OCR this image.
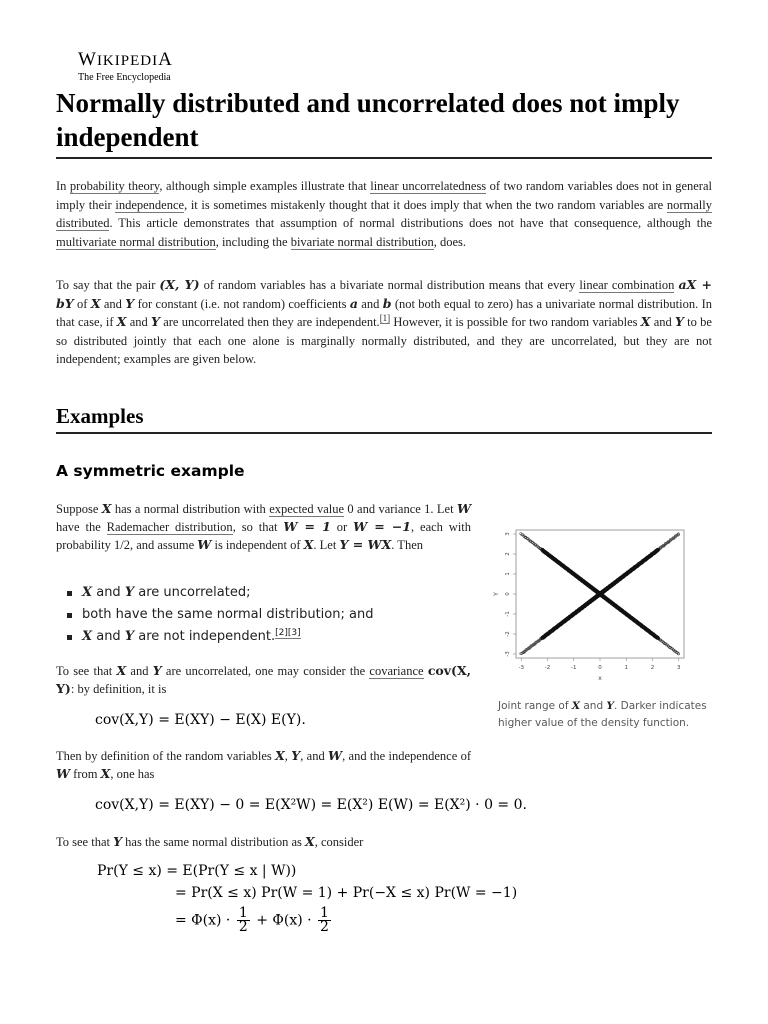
WIKIPEDIA
The Free Encyclopedia
Normally distributed and uncorrelated does not imply independent
In probability theory, although simple examples illustrate that linear uncorrelatedness of two random variables does not in general imply their independence, it is sometimes mistakenly thought that it does imply that when the two random variables are normally distributed. This article demonstrates that assumption of normal distributions does not have that consequence, although the multivariate normal distribution, including the bivariate normal distribution, does.
To say that the pair (X, Y) of random variables has a bivariate normal distribution means that every linear combination aX + bY of X and Y for constant (i.e. not random) coefficients a and b (not both equal to zero) has a univariate normal distribution. In that case, if X and Y are uncorrelated then they are independent.[1] However, it is possible for two random variables X and Y to be so distributed jointly that each one alone is marginally normally distributed, and they are uncorrelated, but they are not independent; examples are given below.
Examples
A symmetric example
Suppose X has a normal distribution with expected value 0 and variance 1. Let W have the Rademacher distribution, so that W = 1 or W = −1, each with probability 1/2, and assume W is independent of X. Let Y = WX. Then
X and Y are uncorrelated;
both have the same normal distribution; and
X and Y are not independent.[2][3]
To see that X and Y are uncorrelated, one may consider the covariance cov(X, Y): by definition, it is
cov(X,Y) = E(XY) − E(X) E(Y).
Then by definition of the random variables X, Y, and W, and the independence of W from X, one has
cov(X,Y) = E(XY) − 0 = E(X²W) = E(X²) E(W) = E(X²) · 0 = 0.
To see that Y has the same normal distribution as X, consider
Pr(Y ≤ x) = E(Pr(Y ≤ x | W))
= Pr(X ≤ x) Pr(W = 1) + Pr(−X ≤ x) Pr(W = −1)
= $\Phi(x) \cdot \frac{1}{2} + \Phi(x) \cdot \frac{1}{2}$
-3	-2	-1	0	1	2	3
-3
-2
-1
0
1
2
3
x
Y
Joint range of X and Y. Darker indicates higher value of the density function.
